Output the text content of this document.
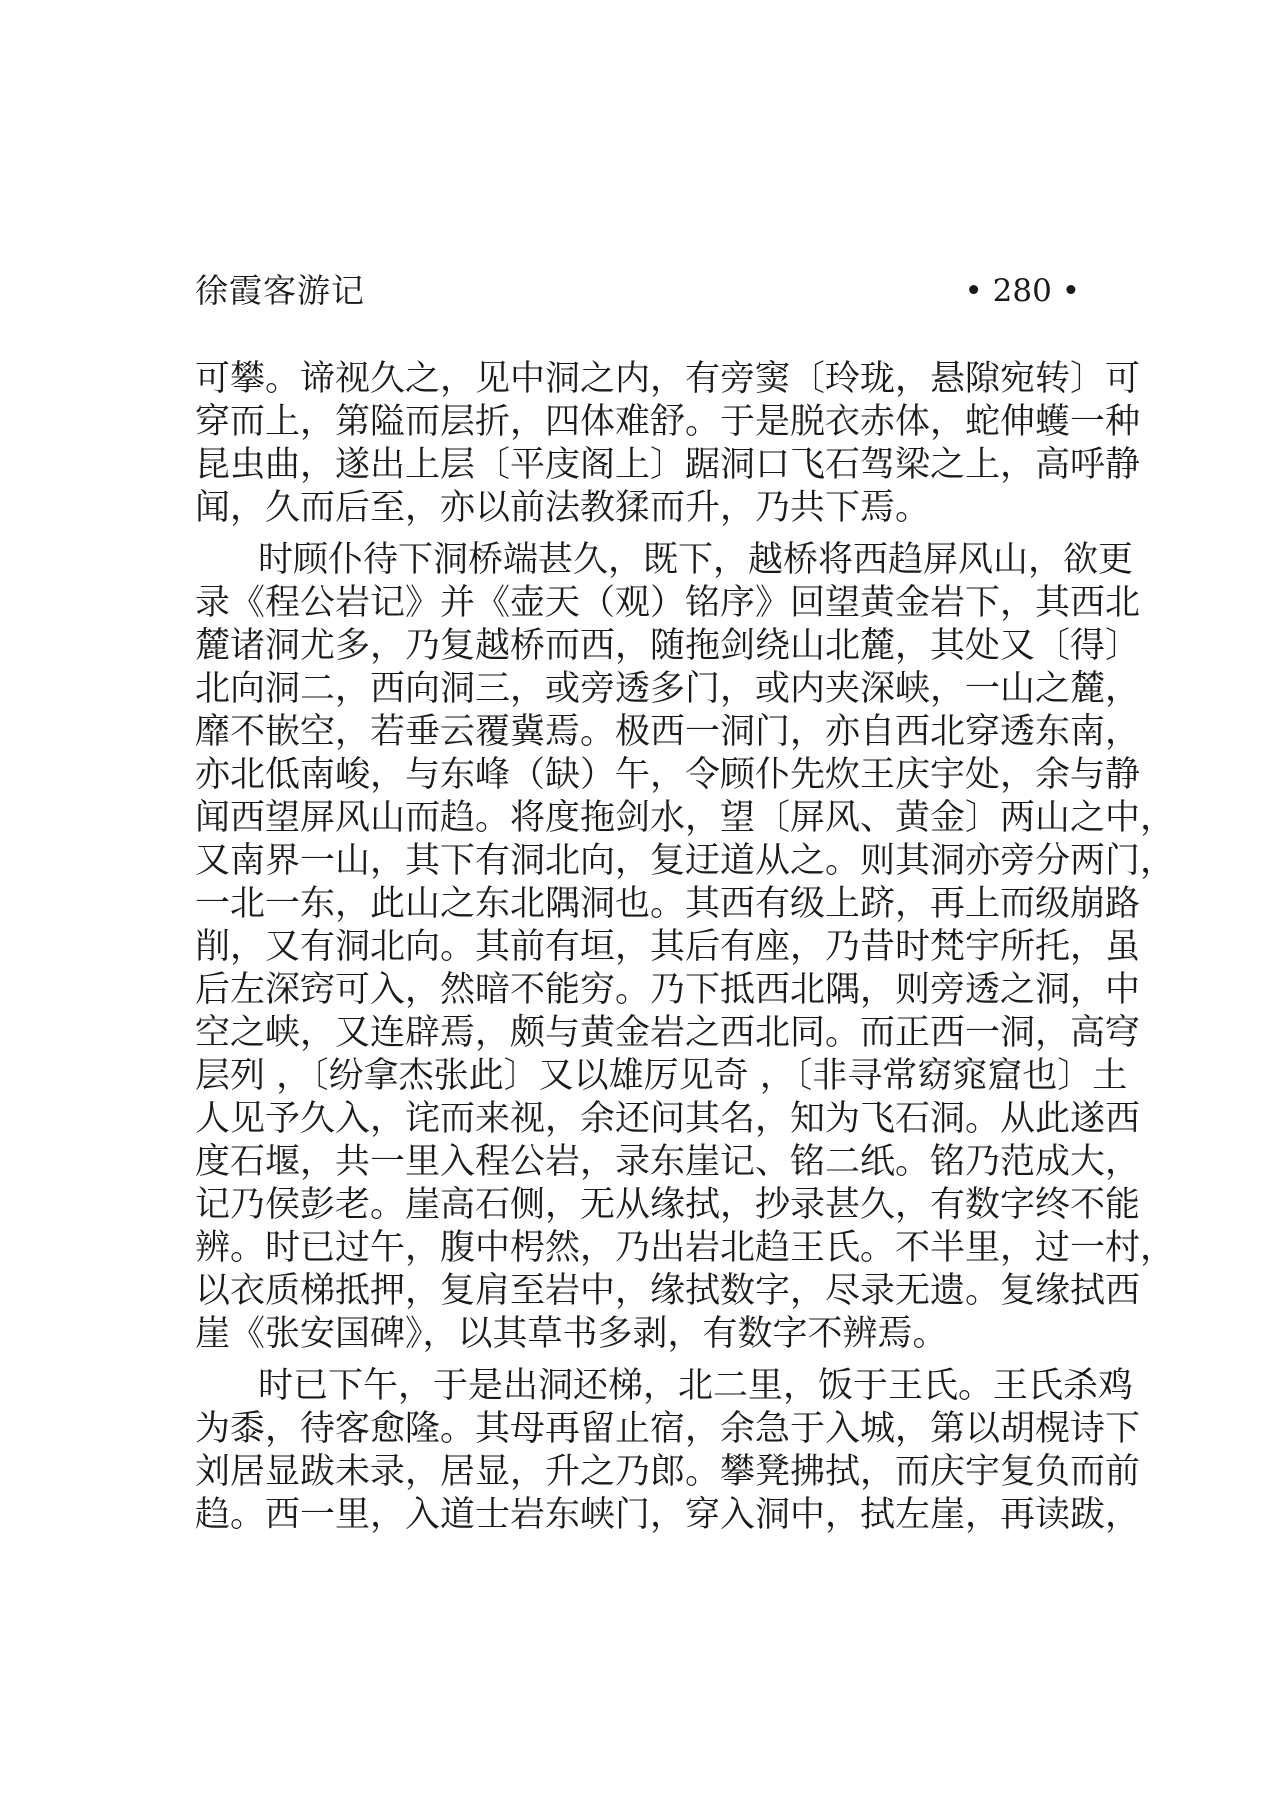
徐霞客游记	• 280 •
可攀。谛视久之，见中洞之内，有旁窦〔玲珑，悬隙宛转〕可
穿而上，第隘而层折，四体难舒。于是脱衣赤体，蛇伸蠖一种
昆虫曲，遂出上层〔平庋阁上〕踞洞口飞石驾梁之上，高呼静
闻，久而后至，亦以前法教猱而升，乃共下焉。
时顾仆待下洞桥端甚久，既下，越桥将西趋屏风山，欲更
录《程公岩记》并《壶天（观）铭序》回望黄金岩下，其西北
麓诸洞尤多，乃复越桥而西，随拖剑绕山北麓，其处又〔得〕
北向洞二，西向洞三，或旁透多门，或内夹深峡，一山之麓，
靡不嵌空，若垂云覆冀焉。极西一洞门，亦自西北穿透东南，
亦北低南峻，与东峰（缺）午，令顾仆先炊王庆宇处，余与静
闻西望屏风山而趋。将度拖剑水，望〔屏风、黄金〕两山之中，
又南界一山，其下有洞北向，复迂道从之。则其洞亦旁分两门，
一北一东，此山之东北隅洞也。其西有级上跻，再上而级崩路
削，又有洞北向。其前有垣，其后有座，乃昔时梵宇所托，虽
后左深窍可入，然暗不能穷。乃下抵西北隅，则旁透之洞，中
空之峡，又连辟焉，颇与黄金岩之西北同。而正西一洞，高穹
层列 ，〔纷拿杰张此〕又以雄厉见奇 ，〔非寻常窈窕窟也〕土
人见予久入，诧而来视，余还问其名，知为飞石洞。从此遂西
度石堰，共一里入程公岩，录东崖记、铭二纸。铭乃范成大，
记乃侯彭老。崖高石侧，无从缘拭，抄录甚久，有数字终不能
辨。时已过午，腹中枵然，乃出岩北趋王氏。不半里，过一村，
以衣质梯抵押，复肩至岩中，缘拭数字，尽录无遗。复缘拭西
崖《张安国碑》，以其草书多剥，有数字不辨焉。
时已下午，于是出洞还梯，北二里，饭于王氏。王氏杀鸡
为黍，待客愈隆。其母再留止宿，余急于入城，第以胡榥诗下
刘居显跋未录，居显，升之乃郎。攀凳拂拭，而庆宇复负而前
趋。西一里，入道士岩东峡门，穿入洞中，拭左崖，再读跋，
